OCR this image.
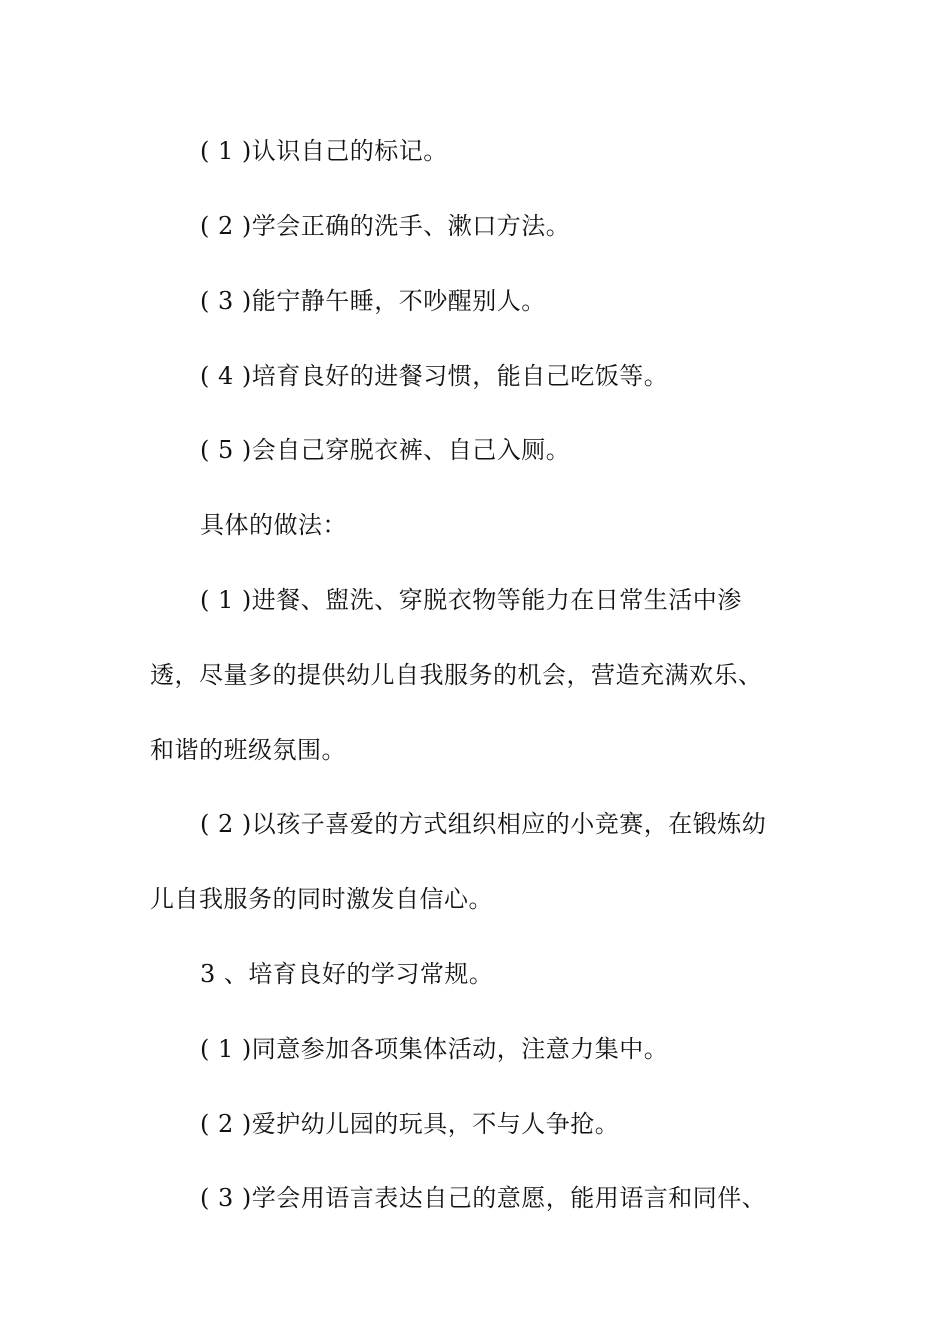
( 1 )认识自己的标记。
( 2 )学会正确的洗手、漱口方法。
( 3 )能宁静午睡，不吵醒别人。
( 4 )培育良好的进餐习惯，能自己吃饭等。
( 5 )会自己穿脱衣裤、自己入厕。
具体的做法：
( 1 )进餐、盥洗、穿脱衣物等能力在日常生活中渗
透，尽量多的提供幼儿自我服务的机会，营造充满欢乐、
和谐的班级氛围。
( 2 )以孩子喜爱的方式组织相应的小竞赛，在锻炼幼
儿自我服务的同时激发自信心。
3 、培育良好的学习常规。
( 1 )同意参加各项集体活动，注意力集中。
( 2 )爱护幼儿园的玩具，不与人争抢。
( 3 )学会用语言表达自己的意愿，能用语言和同伴、
